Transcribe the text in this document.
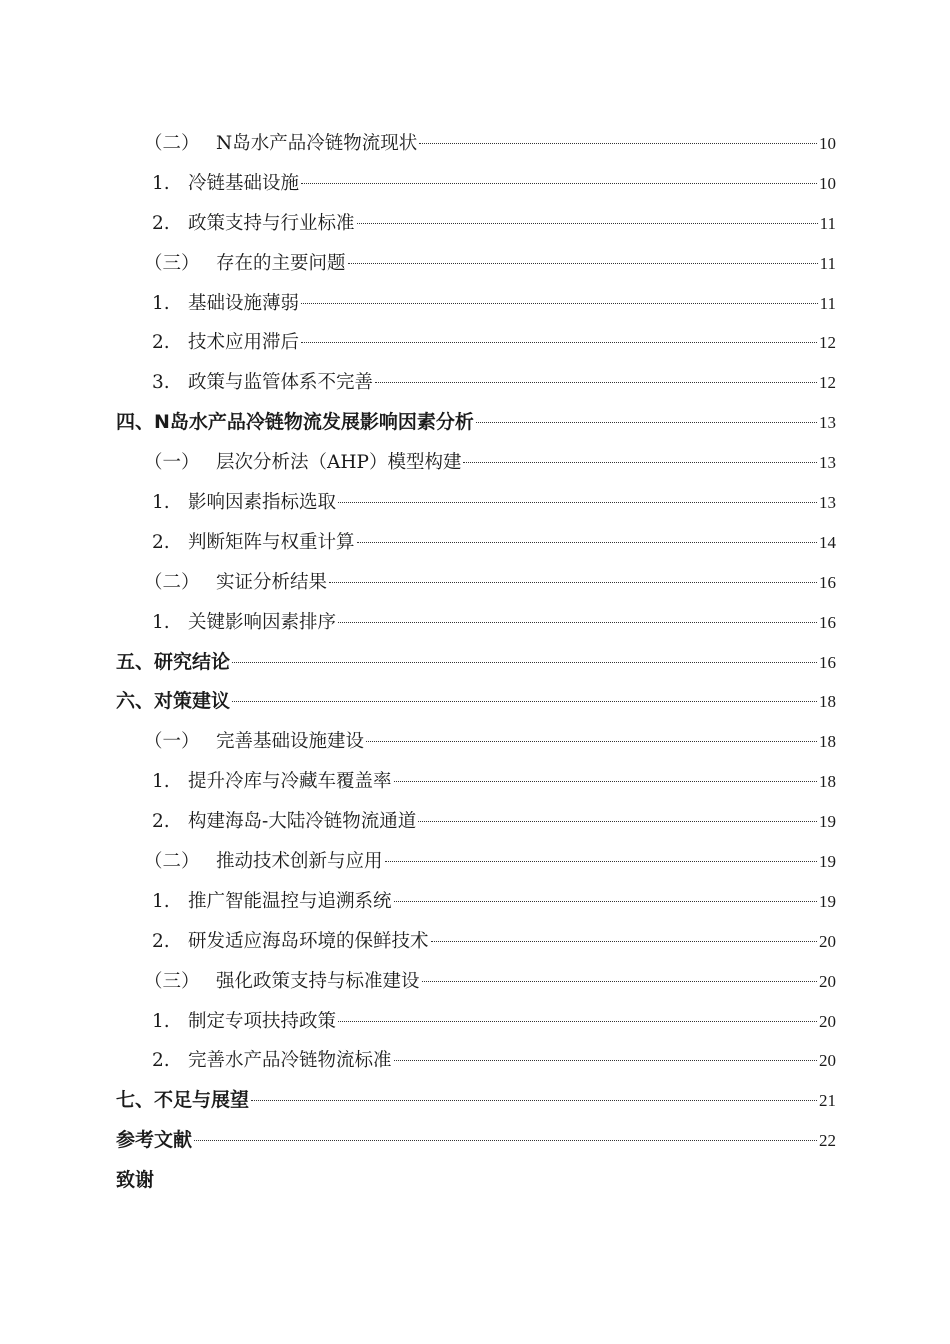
（二） N岛水产品冷链物流现状	10
1. 冷链基础设施	10
2. 政策支持与行业标准	11
（三） 存在的主要问题	11
1. 基础设施薄弱	11
2. 技术应用滞后	12
3. 政策与监管体系不完善	12
四、N岛水产品冷链物流发展影响因素分析	13
（一） 层次分析法（AHP）模型构建	13
1. 影响因素指标选取	13
2. 判断矩阵与权重计算	14
（二） 实证分析结果	16
1. 关键影响因素排序	16
五、研究结论	16
六、对策建议	18
（一） 完善基础设施建设	18
1. 提升冷库与冷藏车覆盖率	18
2. 构建海岛-大陆冷链物流通道	19
（二） 推动技术创新与应用	19
1. 推广智能温控与追溯系统	19
2. 研发适应海岛环境的保鲜技术	20
（三） 强化政策支持与标准建设	20
1. 制定专项扶持政策	20
2. 完善水产品冷链物流标准	20
七、不足与展望	21
参考文献	22
致谢
